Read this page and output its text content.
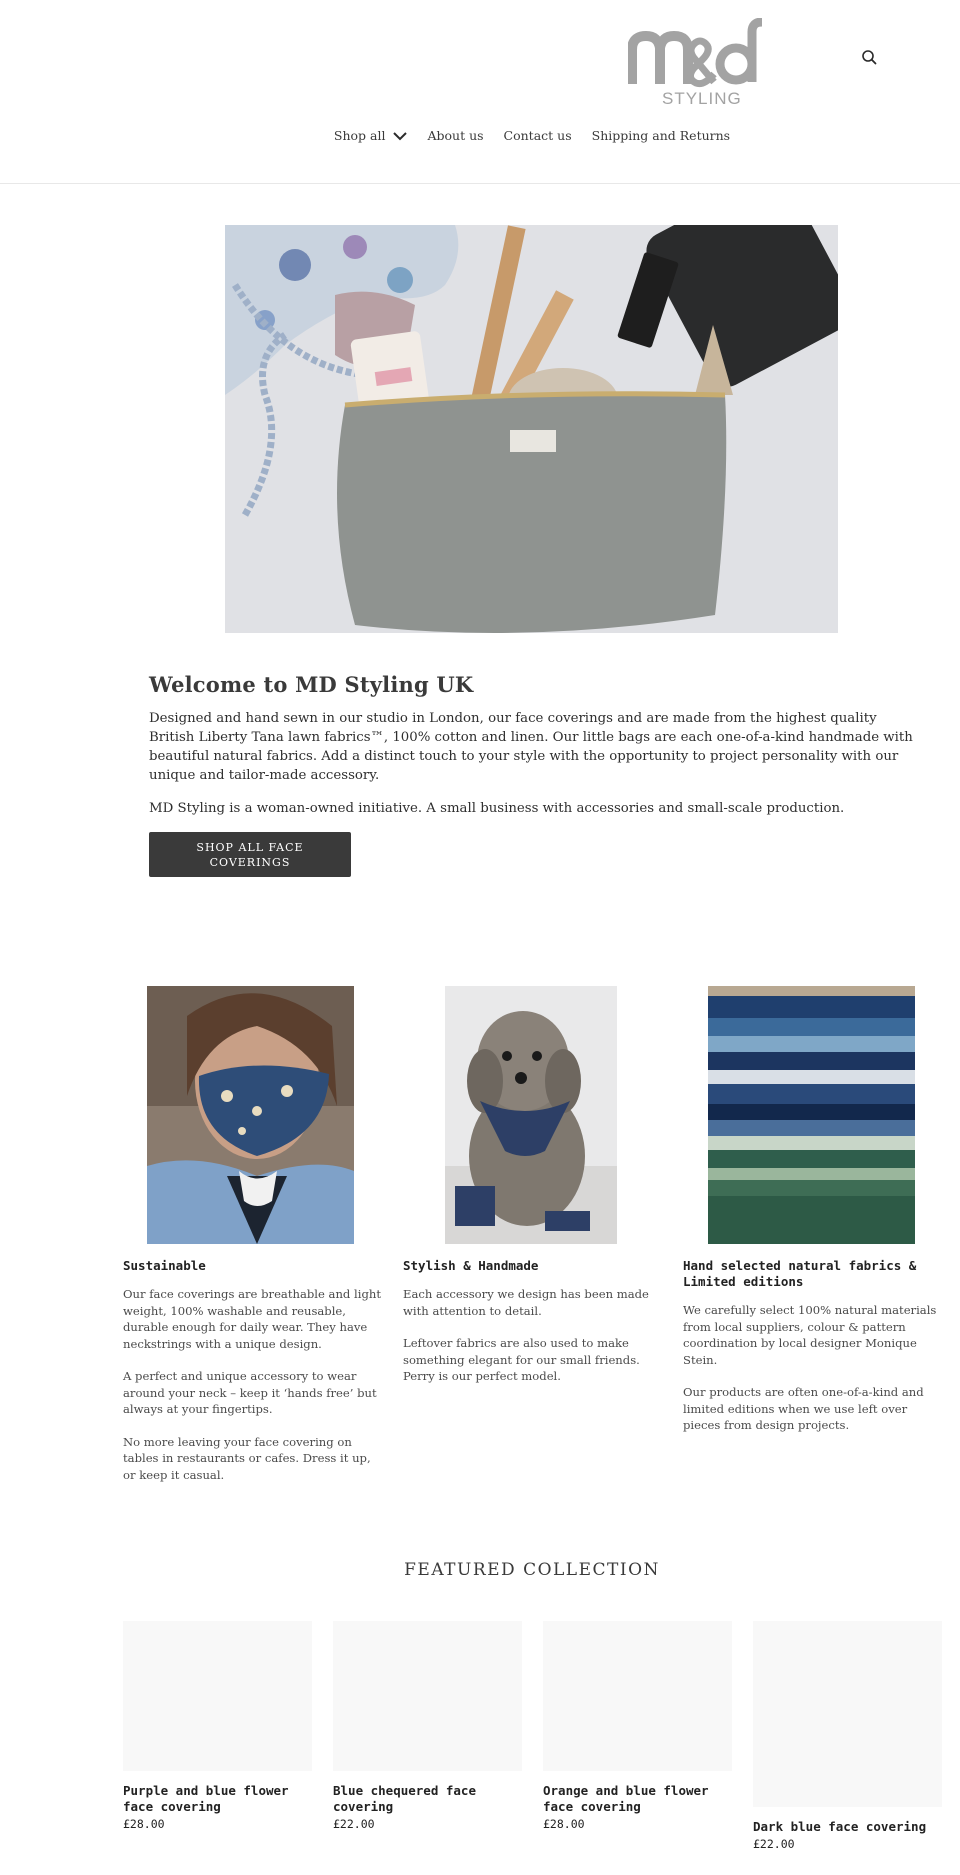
STYLING
Shop all	About us Contact us Shipping and Returns
Welcome to MD Styling UK

Designed and hand sewn in our studio in London, our face coverings and are made from the highest quality British Liberty Tana lawn fabrics™, 100% cotton and linen. Our little bags are each one-of-a-kind handmade with beautiful natural fabrics. Add a distinct touch to your style with the opportunity to project personality with our unique and tailor-made accessory.

MD Styling is a woman-owned initiative. A small business with accessories and small-scale production.

SHOP ALL FACE COVERINGS
Sustainable

Our face coverings are breathable and light weight, 100% washable and reusable, durable enough for daily wear. They have neckstrings with a unique design.

A perfect and unique accessory to wear around your neck – keep it ‘hands free’ but always at your fingertips.

No more leaving your face covering on tables in restaurants or cafes. Dress it up, or keep it casual.

Stylish & Handmade

Each accessory we design has been made with attention to detail.

Leftover fabrics are also used to make something elegant for our small friends. Perry is our perfect model.

Hand selected natural fabrics & Limited editions

We carefully select 100% natural materials from local suppliers, colour & pattern coordination by local designer Monique Stein.

Our products are often one-of-a-kind and limited editions when we use left over pieces from design projects.

FEATURED COLLECTION
Purple and blue flower face covering
£28.00
Blue chequered face covering
£22.00
Orange and blue flower face covering
£28.00	Dark blue face covering
£22.00
